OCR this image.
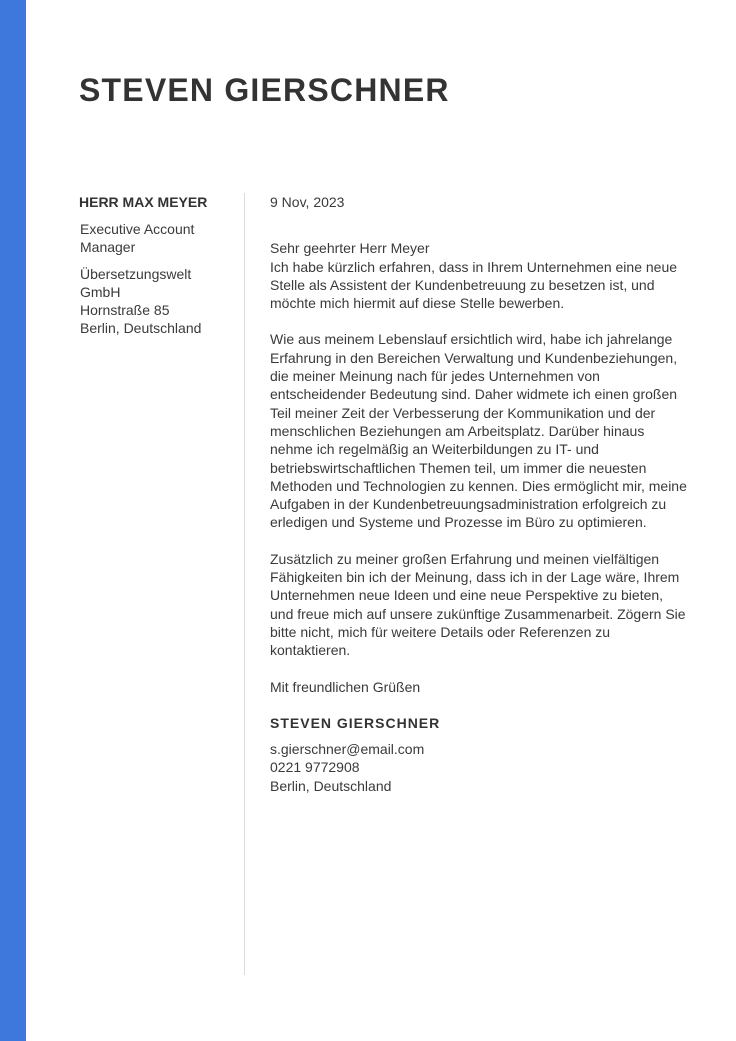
STEVEN GIERSCHNER

HERR MAX MEYER

Executive Account Manager

Übersetzungswelt GmbH
Hornstraße 85
Berlin, Deutschland

9 Nov, 2023

Sehr geehrter Herr Meyer

Ich habe kürzlich erfahren, dass in Ihrem Unternehmen eine neue Stelle als Assistent der Kundenbetreuung zu besetzen ist, und möchte mich hiermit auf diese Stelle bewerben.

Wie aus meinem Lebenslauf ersichtlich wird, habe ich jahrelange Erfahrung in den Bereichen Verwaltung und Kundenbeziehungen, die meiner Meinung nach für jedes Unternehmen von entscheidender Bedeutung sind. Daher widmete ich einen großen Teil meiner Zeit der Verbesserung der Kommunikation und der menschlichen Beziehungen am Arbeitsplatz. Darüber hinaus nehme ich regelmäßig an Weiterbildungen zu IT- und betriebswirtschaftlichen Themen teil, um immer die neuesten Methoden und Technologien zu kennen. Dies ermöglicht mir, meine Aufgaben in der Kundenbetreuungsadministration erfolgreich zu erledigen und Systeme und Prozesse im Büro zu optimieren.

Zusätzlich zu meiner großen Erfahrung und meinen vielfältigen Fähigkeiten bin ich der Meinung, dass ich in der Lage wäre, Ihrem Unternehmen neue Ideen und eine neue Perspektive zu bieten, und freue mich auf unsere zukünftige Zusammenarbeit. Zögern Sie bitte nicht, mich für weitere Details oder Referenzen zu kontaktieren.

Mit freundlichen Grüßen

STEVEN GIERSCHNER

s.gierschner@email.com
0221 9772908
Berlin, Deutschland
